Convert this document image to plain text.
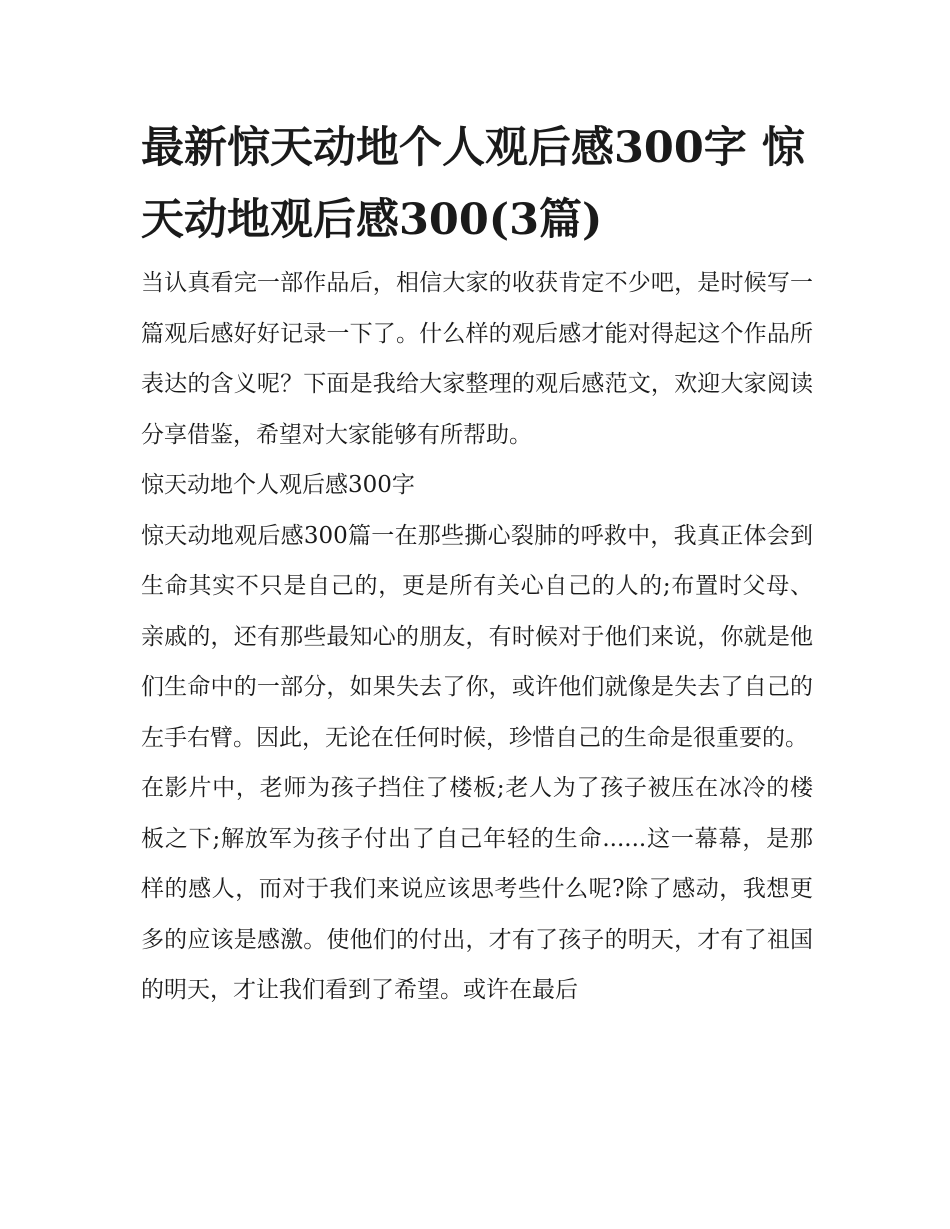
最新惊天动地个人观后感300字 惊天动地观后感300(3篇)

当认真看完一部作品后，相信大家的收获肯定不少吧，是时候写一篇观后感好好记录一下了。什么样的观后感才能对得起这个作品所表达的含义呢？下面是我给大家整理的观后感范文，欢迎大家阅读分享借鉴，希望对大家能够有所帮助。

惊天动地个人观后感300字

惊天动地观后感300篇一在那些撕心裂肺的呼救中，我真正体会到生命其实不只是自己的，更是所有关心自己的人的;布置时父母、亲戚的，还有那些最知心的朋友，有时候对于他们来说，你就是他们生命中的一部分，如果失去了你，或许他们就像是失去了自己的左手右臂。因此，无论在任何时候，珍惜自己的生命是很重要的。

在影片中，老师为孩子挡住了楼板;老人为了孩子被压在冰冷的楼板之下;解放军为孩子付出了自己年轻的生命......这一幕幕，是那样的感人，而对于我们来说应该思考些什么呢?除了感动，我想更多的应该是感激。使他们的付出，才有了孩子的明天，才有了祖国的明天，才让我们看到了希望。或许在最后
